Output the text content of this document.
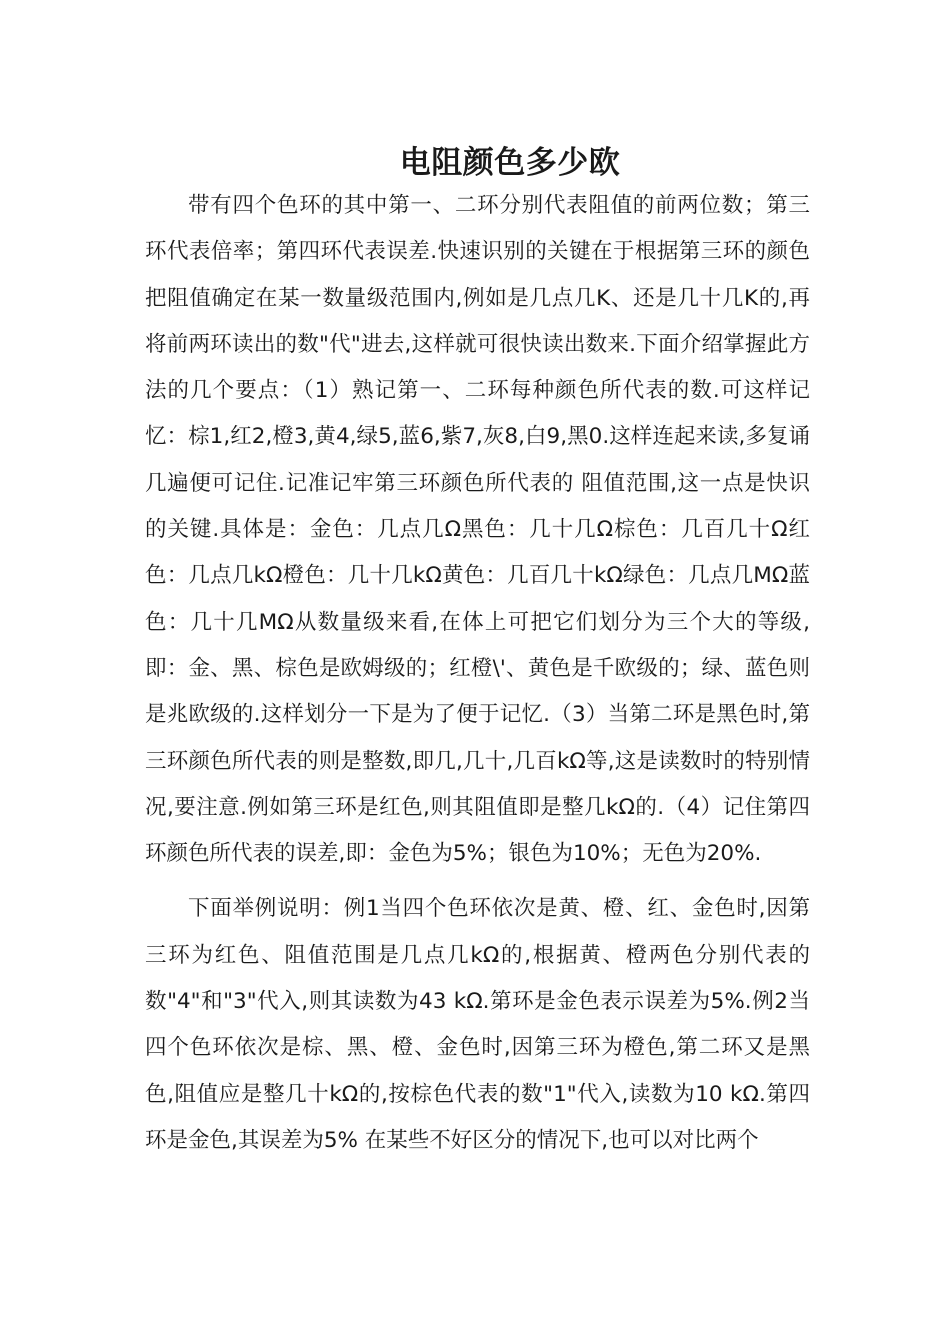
电阻颜色多少欧

带有四个色环的其中第一、二环分别代表阻值的前两位数；第三环代表倍率；第四环代表误差.快速识别的关键在于根据第三环的颜色把阻值确定在某一数量级范围内,例如是几点几K、还是几十几K的,再将前两环读出的数"代"进去,这样就可很快读出数来.下面介绍掌握此方法的几个要点：（1）熟记第一、二环每种颜色所代表的数.可这样记忆：棕1,红2,橙3,黄4,绿5,蓝6,紫7,灰8,白9,黑0.这样连起来读,多复诵几遍便可记住.记准记牢第三环颜色所代表的 阻值范围,这一点是快识的关键.具体是：金色：几点几Ω黑色：几十几Ω棕色：几百几十Ω红色：几点几kΩ橙色：几十几kΩ黄色：几百几十kΩ绿色：几点几MΩ蓝色：几十几MΩ从数量级来看,在体上可把它们划分为三个大的等级,即：金、黑、棕色是欧姆级的；红橙\'、黄色是千欧级的；绿、蓝色则是兆欧级的.这样划分一下是为了便于记忆.（3）当第二环是黑色时,第三环颜色所代表的则是整数,即几,几十,几百kΩ等,这是读数时的特别情况,要注意.例如第三环是红色,则其阻值即是整几kΩ的.（4）记住第四环颜色所代表的误差,即：金色为5%；银色为10%；无色为20%.

下面举例说明：例1当四个色环依次是黄、橙、红、金色时,因第三环为红色、阻值范围是几点几kΩ的,根据黄、橙两色分别代表的数"4"和"3"代入,则其读数为43 kΩ.第环是金色表示误差为5%.例2当四个色环依次是棕、黑、橙、金色时,因第三环为橙色,第二环又是黑色,阻值应是整几十kΩ的,按棕色代表的数"1"代入,读数为10 kΩ.第四环是金色,其误差为5% 在某些不好区分的情况下,也可以对比两个
